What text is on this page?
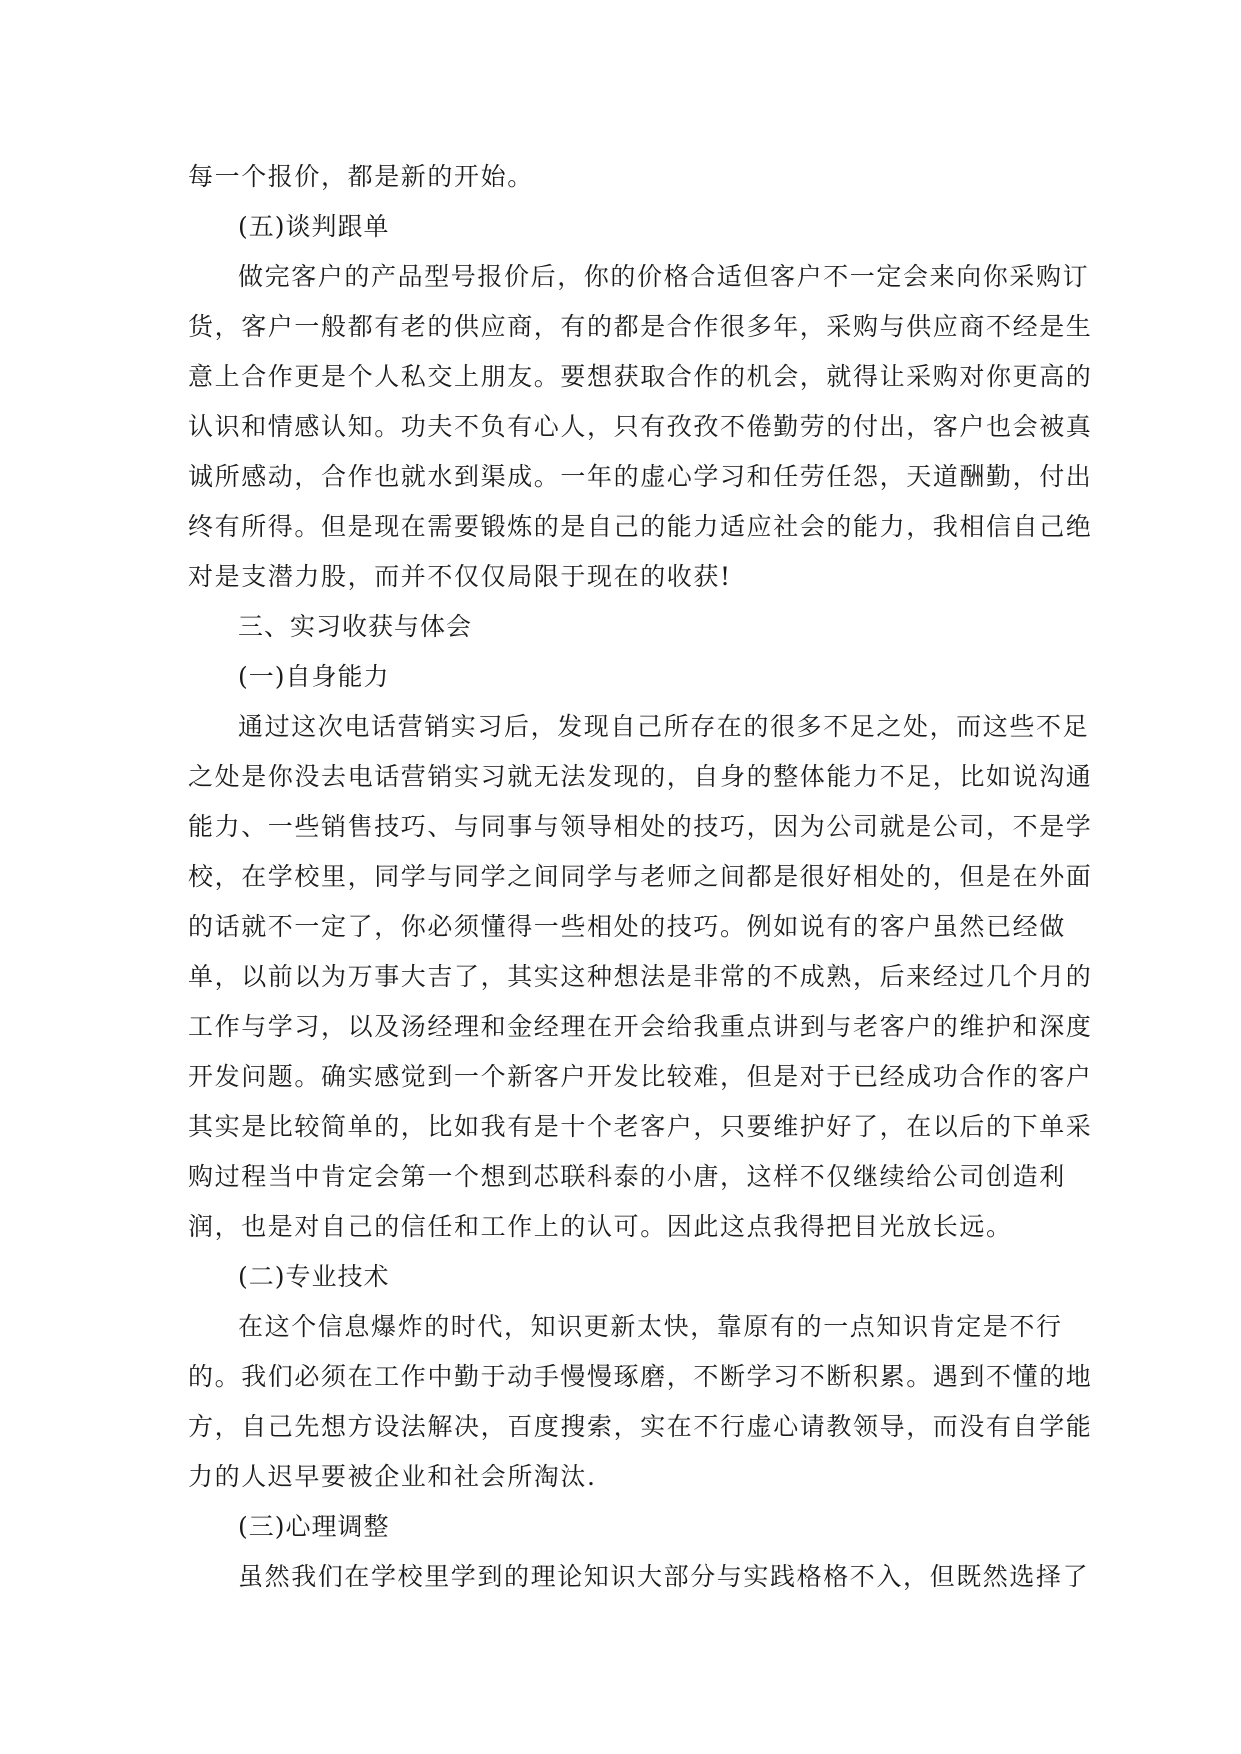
每一个报价，都是新的开始。
(五)谈判跟单
做完客户的产品型号报价后，你的价格合适但客户不一定会来向你采购订
货，客户一般都有老的供应商，有的都是合作很多年，采购与供应商不经是生
意上合作更是个人私交上朋友。要想获取合作的机会，就得让采购对你更高的
认识和情感认知。功夫不负有心人，只有孜孜不倦勤劳的付出，客户也会被真
诚所感动，合作也就水到渠成。一年的虚心学习和任劳任怨，天道酬勤，付出
终有所得。但是现在需要锻炼的是自己的能力适应社会的能力，我相信自己绝
对是支潜力股，而并不仅仅局限于现在的收获!
三、实习收获与体会
(一)自身能力
通过这次电话营销实习后，发现自己所存在的很多不足之处，而这些不足
之处是你没去电话营销实习就无法发现的，自身的整体能力不足，比如说沟通
能力、一些销售技巧、与同事与领导相处的技巧，因为公司就是公司，不是学
校，在学校里，同学与同学之间同学与老师之间都是很好相处的，但是在外面
的话就不一定了，你必须懂得一些相处的技巧。例如说有的客户虽然已经做
单，以前以为万事大吉了，其实这种想法是非常的不成熟，后来经过几个月的
工作与学习，以及汤经理和金经理在开会给我重点讲到与老客户的维护和深度
开发问题。确实感觉到一个新客户开发比较难，但是对于已经成功合作的客户
其实是比较简单的，比如我有是十个老客户，只要维护好了，在以后的下单采
购过程当中肯定会第一个想到芯联科泰的小唐，这样不仅继续给公司创造利
润，也是对自己的信任和工作上的认可。因此这点我得把目光放长远。
(二)专业技术
在这个信息爆炸的时代，知识更新太快，靠原有的一点知识肯定是不行
的。我们必须在工作中勤于动手慢慢琢磨，不断学习不断积累。遇到不懂的地
方，自己先想方设法解决，百度搜索，实在不行虚心请教领导，而没有自学能
力的人迟早要被企业和社会所淘汰.
(三)心理调整
虽然我们在学校里学到的理论知识大部分与实践格格不入，但既然选择了
